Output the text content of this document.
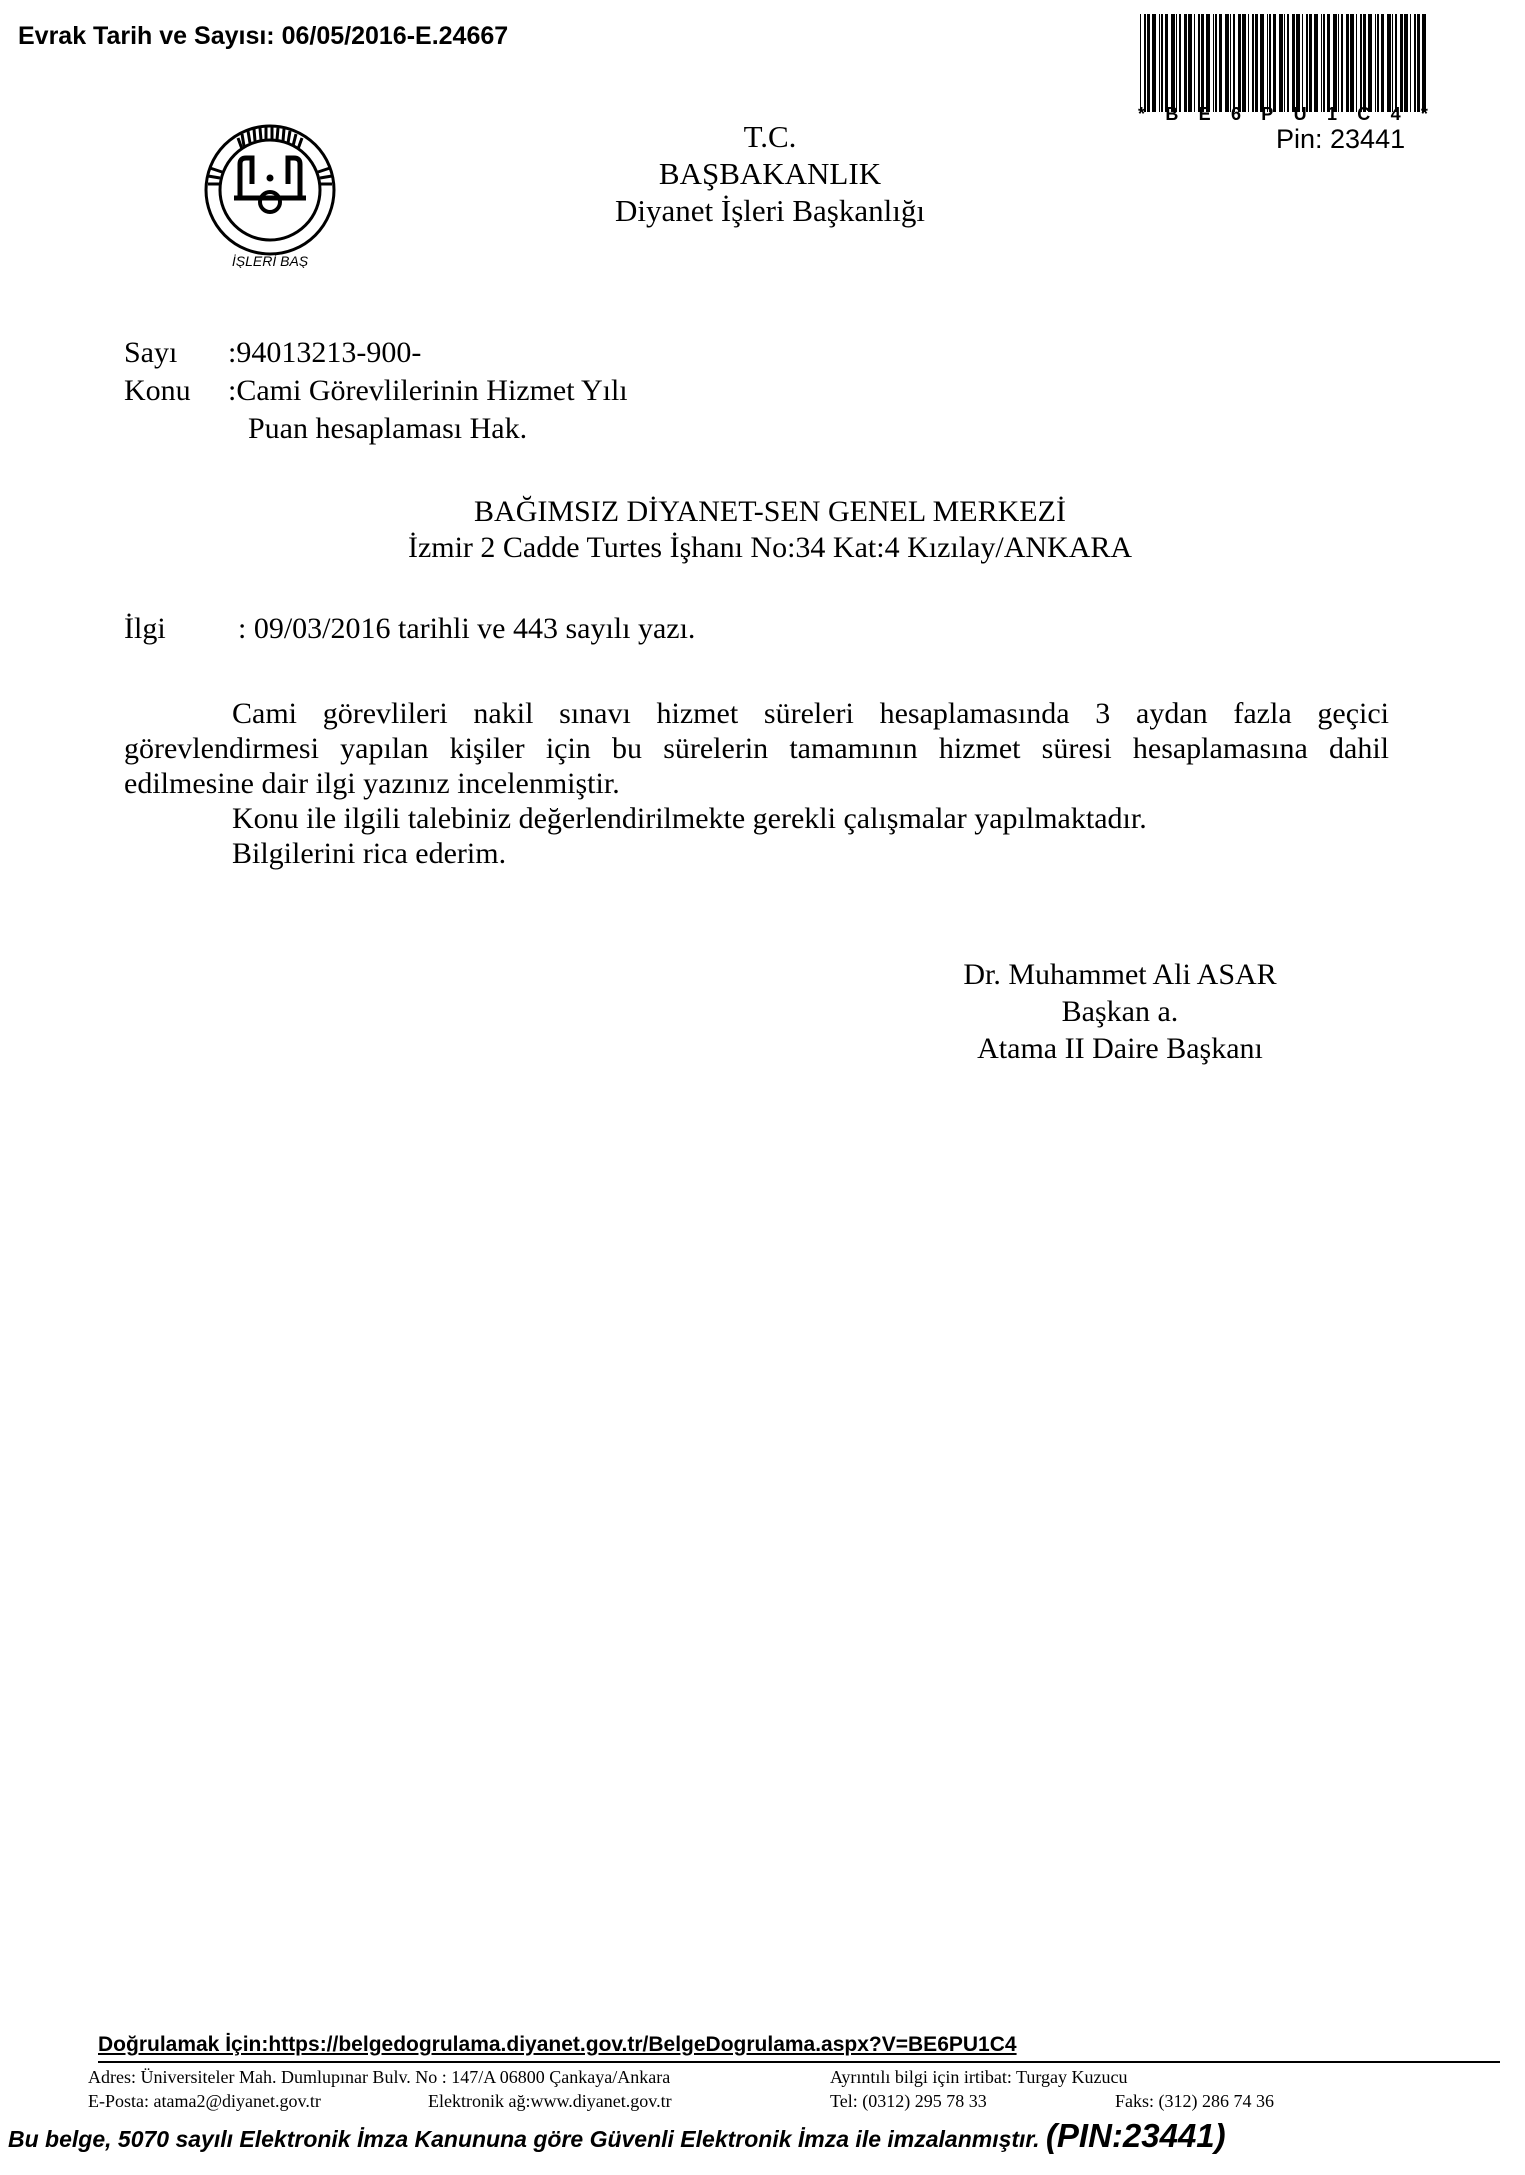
Evrak Tarih ve Sayısı: 06/05/2016-E.24667
İŞLERİ BAŞ
T.C.
BAŞBAKANLIK
Diyanet İşleri Başkanlığı
* B E 6 P U 1 C 4 *
Pin: 23441
Sayı :94013213-900-
Konu :Cami Görevlilerinin Hizmet Yılı
Puan hesaplaması Hak.
BAĞIMSIZ DİYANET-SEN GENEL MERKEZİ
İzmir 2 Cadde Turtes İşhanı No:34 Kat:4 Kızılay/ANKARA
İlgi : 09/03/2016 tarihli ve 443 sayılı yazı.

Cami görevlileri nakil sınavı hizmet süreleri hesaplamasında 3 aydan fazla geçici görevlendirmesi yapılan kişiler için bu sürelerin tamamının hizmet süresi hesaplamasına dahil edilmesine dair ilgi yazınız incelenmiştir.

Konu ile ilgili talebiniz değerlendirilmekte gerekli çalışmalar yapılmaktadır.

Bilgilerini rica ederim.

Dr. Muhammet Ali ASAR
Başkan a.
Atama II Daire Başkanı
Doğrulamak İçin:https://belgedogrulama.diyanet.gov.tr/BelgeDogrulama.aspx?V=BE6PU1C4
Adres: Üniversiteler Mah. Dumlupınar Bulv. No : 147/A 06800 Çankaya/Ankara	Ayrıntılı bilgi için irtibat: Turgay Kuzucu
E-Posta: atama2@diyanet.gov.tr	Elektronik ağ:www.diyanet.gov.tr	Tel: (0312) 295 78 33	Faks: (312) 286 74 36
Bu belge, 5070 sayılı Elektronik İmza Kanununa göre Güvenli Elektronik İmza ile imzalanmıştır. (PIN:23441)
